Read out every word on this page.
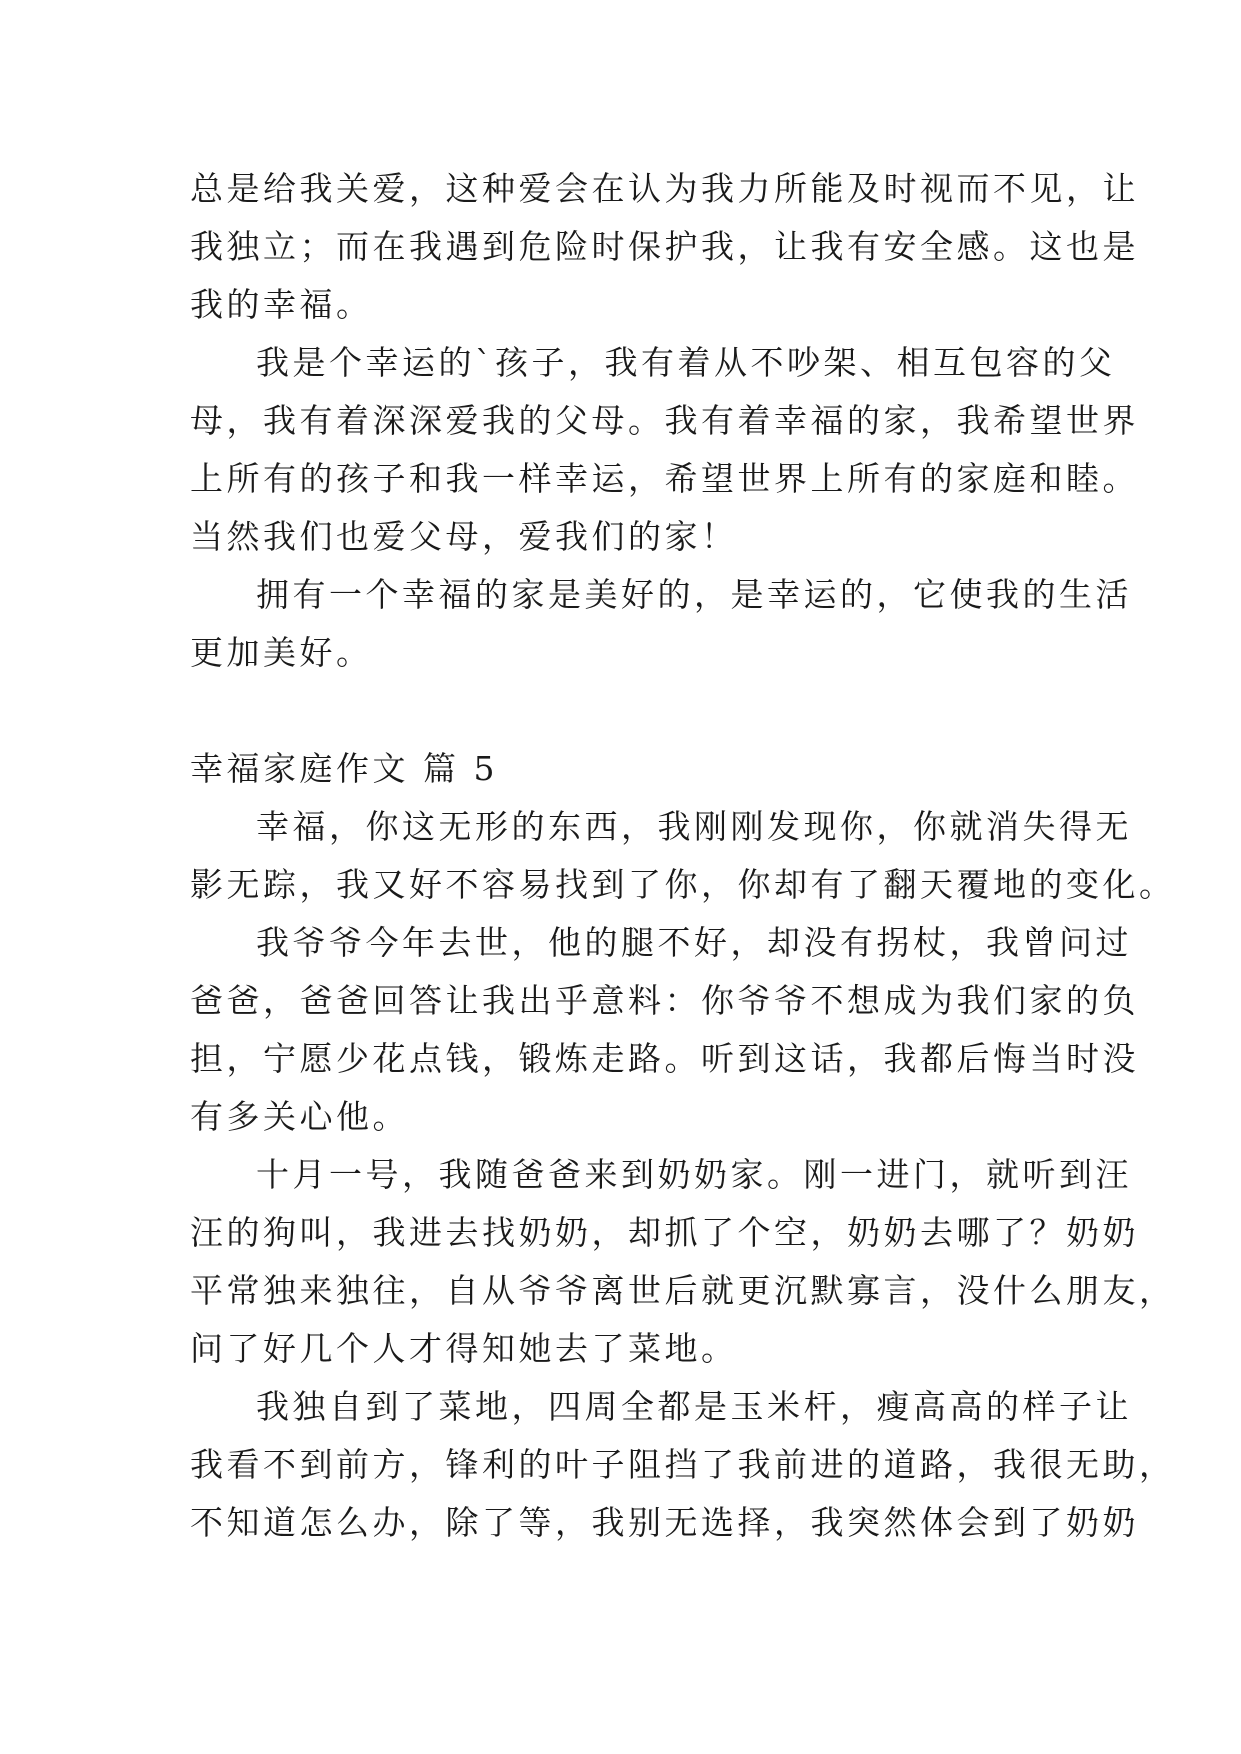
总是给我关爱，这种爱会在认为我力所能及时视而不见，让
我独立；而在我遇到危险时保护我，让我有安全感。这也是
我的幸福。
我是个幸运的`孩子，我有着从不吵架、相互包容的父
母，我有着深深爱我的父母。我有着幸福的家，我希望世界
上所有的孩子和我一样幸运，希望世界上所有的家庭和睦。
当然我们也爱父母，爱我们的家！
拥有一个幸福的家是美好的，是幸运的，它使我的生活
更加美好。
幸福家庭作文 篇 5
幸福，你这无形的东西，我刚刚发现你，你就消失得无
影无踪，我又好不容易找到了你，你却有了翻天覆地的变化。
我爷爷今年去世，他的腿不好，却没有拐杖，我曾问过
爸爸，爸爸回答让我出乎意料：你爷爷不想成为我们家的负
担，宁愿少花点钱，锻炼走路。听到这话，我都后悔当时没
有多关心他。
十月一号，我随爸爸来到奶奶家。刚一进门，就听到汪
汪的狗叫，我进去找奶奶，却抓了个空，奶奶去哪了？奶奶
平常独来独往，自从爷爷离世后就更沉默寡言，没什么朋友，
问了好几个人才得知她去了菜地。
我独自到了菜地，四周全都是玉米杆，瘦高高的样子让
我看不到前方，锋利的叶子阻挡了我前进的道路，我很无助，
不知道怎么办，除了等，我别无选择，我突然体会到了奶奶
